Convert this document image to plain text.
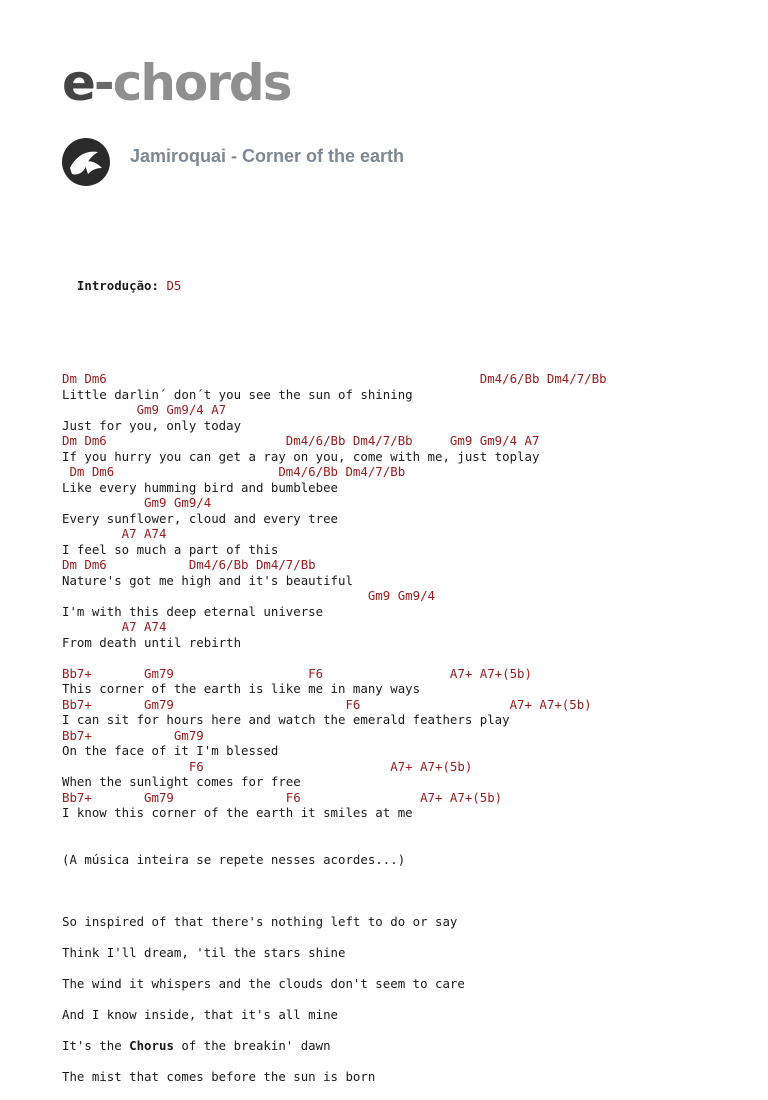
e-chords
Jamiroquai - Corner of the earth

Introdução: D5

Dm Dm6                                                  Dm4/6/Bb Dm4/7/Bb
Little darlin´ don´t you see the sun of shining
Gm9 Gm9/4 A7
Just for you, only today
Dm Dm6                        Dm4/6/Bb Dm4/7/Bb     Gm9 Gm9/4 A7
If you hurry you can get a ray on you, come with me, just toplay
Dm Dm6                      Dm4/6/Bb Dm4/7/Bb
Like every humming bird and bumblebee
Gm9 Gm9/4
Every sunflower, cloud and every tree
A7 A74
I feel so much a part of this
Dm Dm6           Dm4/6/Bb Dm4/7/Bb
Nature's got me high and it's beautiful
Gm9 Gm9/4
I'm with this deep eternal universe
A7 A74
From death until rebirth
Bb7+       Gm79                  F6                 A7+ A7+(5b)
This corner of the earth is like me in many ways
Bb7+       Gm79                       F6                    A7+ A7+(5b)
I can sit for hours here and watch the emerald feathers play
Bb7+           Gm79
On the face of it I'm blessed
F6                         A7+ A7+(5b)
When the sunlight comes for free
Bb7+       Gm79               F6                A7+ A7+(5b)
I know this corner of the earth it smiles at me
(A música inteira se repete nesses acordes...)
So inspired of that there's nothing left to do or say
Think I'll dream, 'til the stars shine
The wind it whispers and the clouds don't seem to care
And I know inside, that it's all mine
It's the Chorus of the breakin' dawn
The mist that comes before the sun is born
